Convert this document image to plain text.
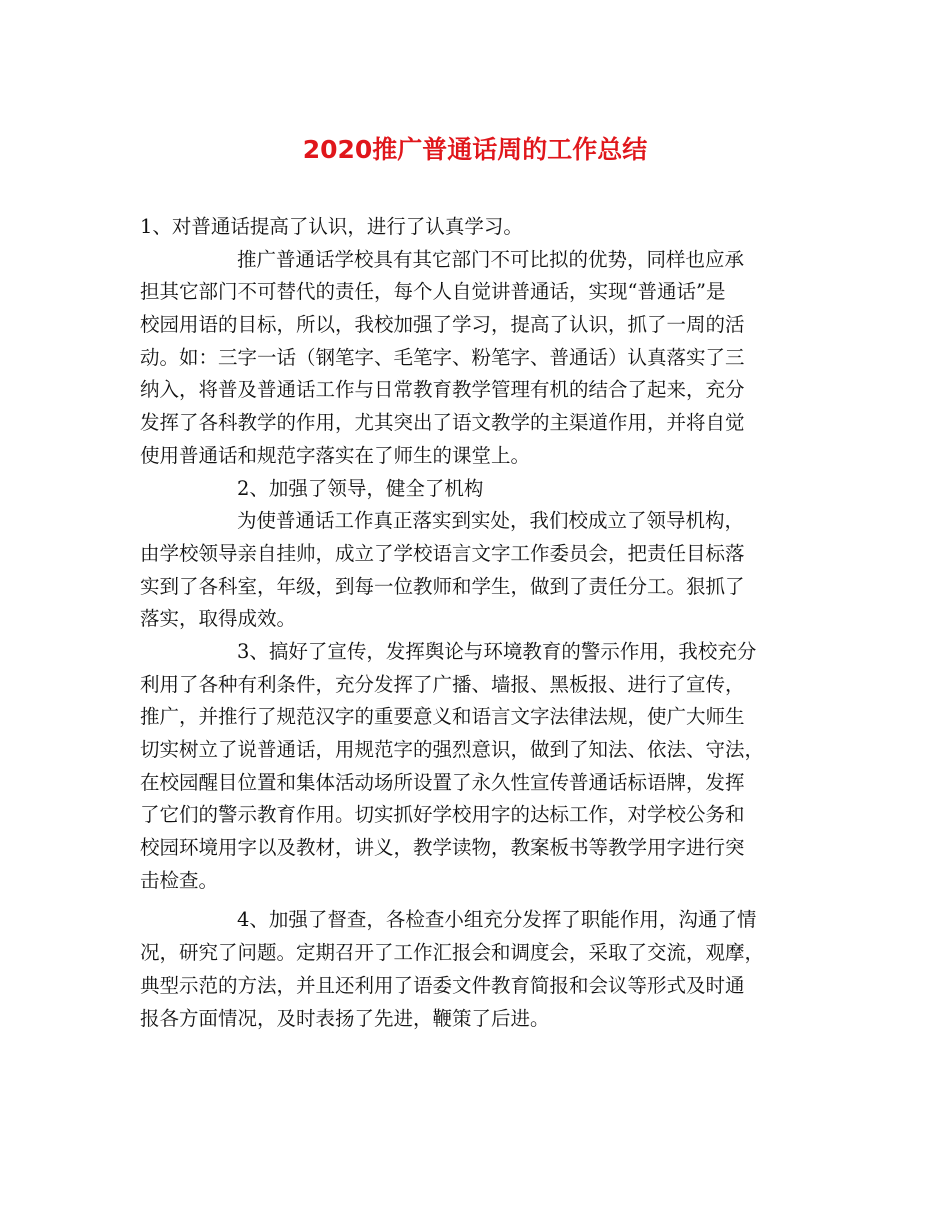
2020推广普通话周的工作总结
1、对普通话提高了认识，进行了认真学习。
推广普通话学校具有其它部门不可比拟的优势，同样也应承
担其它部门不可替代的责任，每个人自觉讲普通话，实现“普通话”是
校园用语的目标，所以，我校加强了学习，提高了认识，抓了一周的活
动。如：三字一话（钢笔字、毛笔字、粉笔字、普通话）认真落实了三
纳入，将普及普通话工作与日常教育教学管理有机的结合了起来，充分
发挥了各科教学的作用，尤其突出了语文教学的主渠道作用，并将自觉
使用普通话和规范字落实在了师生的课堂上。
2、加强了领导，健全了机构
为使普通话工作真正落实到实处，我们校成立了领导机构，
由学校领导亲自挂帅，成立了学校语言文字工作委员会，把责任目标落
实到了各科室，年级，到每一位教师和学生，做到了责任分工。狠抓了
落实，取得成效。
3、搞好了宣传，发挥舆论与环境教育的警示作用，我校充分
利用了各种有利条件，充分发挥了广播、墙报、黑板报、进行了宣传，
推广，并推行了规范汉字的重要意义和语言文字法律法规，使广大师生
切实树立了说普通话，用规范字的强烈意识，做到了知法、依法、守法，
在校园醒目位置和集体活动场所设置了永久性宣传普通话标语牌，发挥
了它们的警示教育作用。切实抓好学校用字的达标工作，对学校公务和
校园环境用字以及教材，讲义，教学读物，教案板书等教学用字进行突
击检查。
4、加强了督查，各检查小组充分发挥了职能作用，沟通了情
况，研究了问题。定期召开了工作汇报会和调度会，采取了交流，观摩，
典型示范的方法，并且还利用了语委文件教育简报和会议等形式及时通
报各方面情况，及时表扬了先进，鞭策了后进。
